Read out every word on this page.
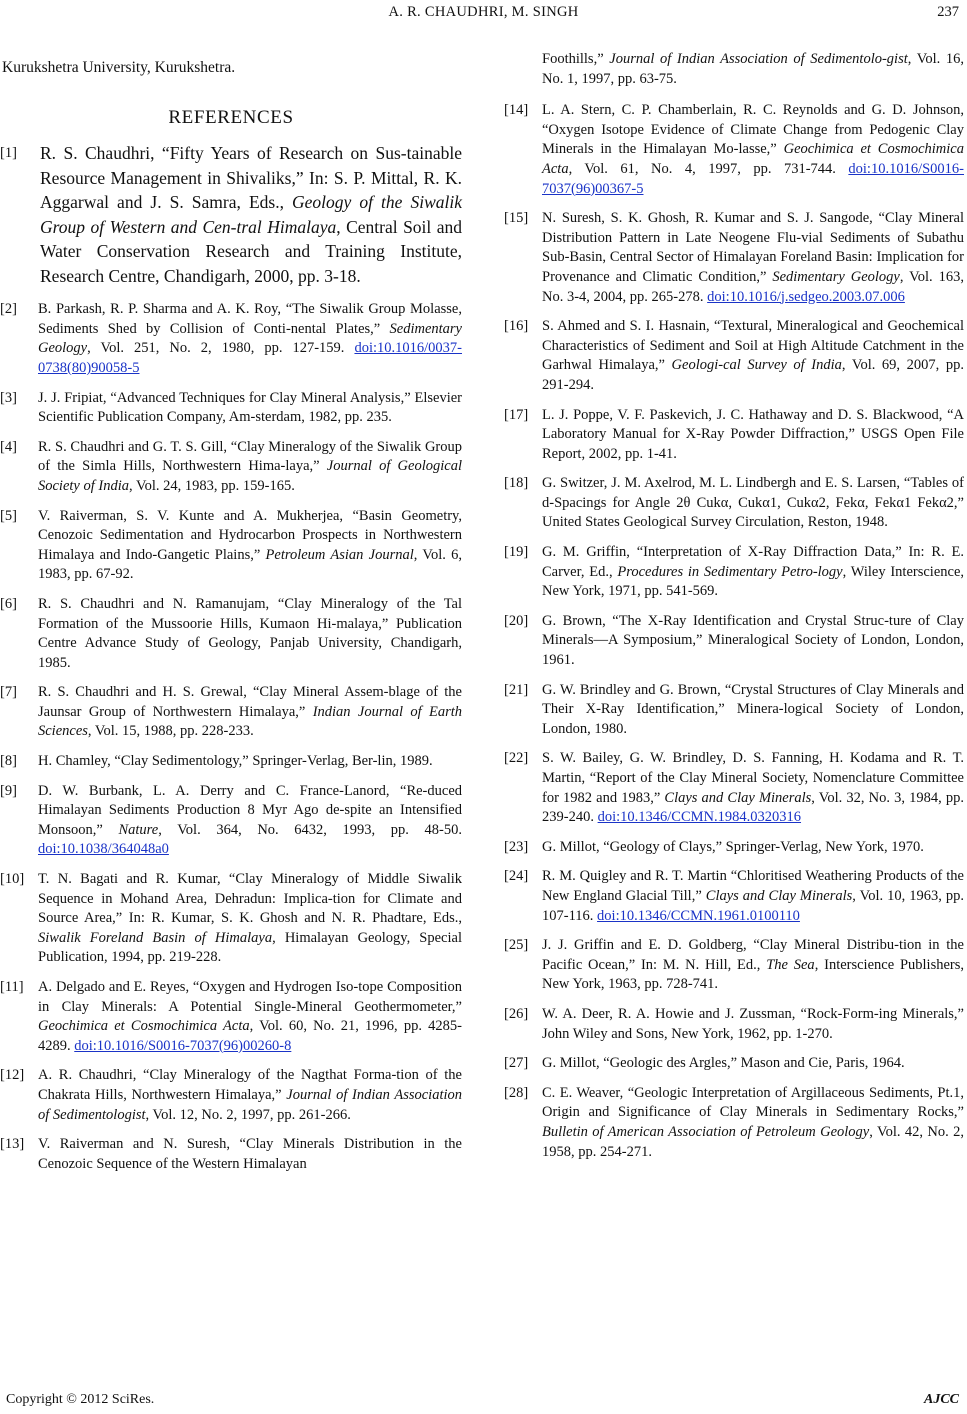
A. R. CHAUDHRI, M. SINGH	237
Kurukshetra University, Kurukshetra.
REFERENCES
[1]	R. S. Chaudhri, “Fifty Years of Research on Sus-tainable Resource Management in Shivaliks,” In: S. P. Mittal, R. K. Aggarwal and J. S. Samra, Eds., Geology of the Siwalik Group of Western and Cen-tral Himalaya, Central Soil and Water Conservation Research and Training Institute, Research Centre, Chandigarh, 2000, pp. 3-18.
[2]	B. Parkash, R. P. Sharma and A. K. Roy, “The Siwalik Group Molasse, Sediments Shed by Collision of Conti-nental Plates,” Sedimentary Geology, Vol. 251, No. 2, 1980, pp. 127-159. doi:10.1016/0037-0738(80)90058-5
[3]	J. J. Fripiat, “Advanced Techniques for Clay Mineral Analysis,” Elsevier Scientific Publication Company, Am-sterdam, 1982, pp. 235.
[4]	R. S. Chaudhri and G. T. S. Gill, “Clay Mineralogy of the Siwalik Group of the Simla Hills, Northwestern Hima-laya,” Journal of Geological Society of India, Vol. 24, 1983, pp. 159-165.
[5]	V. Raiverman, S. V. Kunte and A. Mukherjea, “Basin Geometry, Cenozoic Sedimentation and Hydrocarbon Prospects in Northwestern Himalaya and Indo-Gangetic Plains,” Petroleum Asian Journal, Vol. 6, 1983, pp. 67-92.
[6]	R. S. Chaudhri and N. Ramanujam, “Clay Mineralogy of the Tal Formation of the Mussoorie Hills, Kumaon Hi-malaya,” Publication Centre Advance Study of Geology, Panjab University, Chandigarh, 1985.
[7]	R. S. Chaudhri and H. S. Grewal, “Clay Mineral Assem-blage of the Jaunsar Group of Northwestern Himalaya,” Indian Journal of Earth Sciences, Vol. 15, 1988, pp. 228-233.
[8]	H. Chamley, “Clay Sedimentology,” Springer-Verlag, Ber-lin, 1989.
[9]	D. W. Burbank, L. A. Derry and C. France-Lanord, “Re-duced Himalayan Sediments Production 8 Myr Ago de-spite an Intensified Monsoon,” Nature, Vol. 364, No. 6432, 1993, pp. 48-50. doi:10.1038/364048a0
[10] T. N. Bagati and R. Kumar, “Clay Mineralogy of Middle Siwalik Sequence in Mohand Area, Dehradun: Implica-tion for Climate and Source Area,” In: R. Kumar, S. K. Ghosh and N. R. Phadtare, Eds., Siwalik Foreland Basin of Himalaya, Himalayan Geology, Special Publication, 1994, pp. 219-228.
[11] A. Delgado and E. Reyes, “Oxygen and Hydrogen Iso-tope Composition in Clay Minerals: A Potential Single-Mineral Geothermometer,” Geochimica et Cosmochimica Acta, Vol. 60, No. 21, 1996, pp. 4285-4289. doi:10.1016/S0016-7037(96)00260-8
[12] A. R. Chaudhri, “Clay Mineralogy of the Nagthat Forma-tion of the Chakrata Hills, Northwestern Himalaya,” Journal of Indian Association of Sedimentologist, Vol. 12, No. 2, 1997, pp. 261-266.
[13] V. Raiverman and N. Suresh, “Clay Minerals Distribution in the Cenozoic Sequence of the Western Himalayan
Foothills,” Journal of Indian Association of Sedimentolo-gist, Vol. 16, No. 1, 1997, pp. 63-75.
[14] L. A. Stern, C. P. Chamberlain, R. C. Reynolds and G. D. Johnson, “Oxygen Isotope Evidence of Climate Change from Pedogenic Clay Minerals in the Himalayan Mo-lasse,” Geochimica et Cosmochimica Acta, Vol. 61, No. 4, 1997, pp. 731-744. doi:10.1016/S0016-7037(96)00367-5
[15] N. Suresh, S. K. Ghosh, R. Kumar and S. J. Sangode, “Clay Mineral Distribution Pattern in Late Neogene Flu-vial Sediments of Subathu Sub-Basin, Central Sector of Himalayan Foreland Basin: Implication for Provenance and Climatic Condition,” Sedimentary Geology, Vol. 163, No. 3-4, 2004, pp. 265-278. doi:10.1016/j.sedgeo.2003.07.006
[16] S. Ahmed and S. I. Hasnain, “Textural, Mineralogical and Geochemical Characteristics of Sediment and Soil at High Altitude Catchment in the Garhwal Himalaya,” Geologi-cal Survey of India, Vol. 69, 2007, pp. 291-294.
[17] L. J. Poppe, V. F. Paskevich, J. C. Hathaway and D. S. Blackwood, “A Laboratory Manual for X-Ray Powder Diffraction,” USGS Open File Report, 2002, pp. 1-41.
[18] G. Switzer, J. M. Axelrod, M. L. Lindbergh and E. S. Larsen, “Tables of d-Spacings for Angle 2θ Cukα, Cukα1, Cukα2, Fekα, Fekα1 Fekα2,” United States Geological Survey Circulation, Reston, 1948.
[19] G. M. Griffin, “Interpretation of X-Ray Diffraction Data,” In: R. E. Carver, Ed., Procedures in Sedimentary Petro-logy, Wiley Interscience, New York, 1971, pp. 541-569.
[20] G. Brown, “The X-Ray Identification and Crystal Struc-ture of Clay Minerals—A Symposium,” Mineralogical Society of London, London, 1961.
[21] G. W. Brindley and G. Brown, “Crystal Structures of Clay Minerals and Their X-Ray Identification,” Minera-logical Society of London, London, 1980.
[22] S. W. Bailey, G. W. Brindley, D. S. Fanning, H. Kodama and R. T. Martin, “Report of the Clay Mineral Society, Nomenclature Committee for 1982 and 1983,” Clays and Clay Minerals, Vol. 32, No. 3, 1984, pp. 239-240. doi:10.1346/CCMN.1984.0320316
[23] G. Millot, “Geology of Clays,” Springer-Verlag, New York, 1970.
[24] R. M. Quigley and R. T. Martin “Chloritised Weathering Products of the New England Glacial Till,” Clays and Clay Minerals, Vol. 10, 1963, pp. 107-116. doi:10.1346/CCMN.1961.0100110
[25] J. J. Griffin and E. D. Goldberg, “Clay Mineral Distribu-tion in the Pacific Ocean,” In: M. N. Hill, Ed., The Sea, Interscience Publishers, New York, 1963, pp. 728-741.
[26] W. A. Deer, R. A. Howie and J. Zussman, “Rock-Form-ing Minerals,” John Wiley and Sons, New York, 1962, pp. 1-270.
[27] G. Millot, “Geologic des Argles,” Mason and Cie, Paris, 1964.
[28] C. E. Weaver, “Geologic Interpretation of Argillaceous Sediments, Pt.1, Origin and Significance of Clay Minerals in Sedimentary Rocks,” Bulletin of American Association of Petroleum Geology, Vol. 42, No. 2, 1958, pp. 254-271.
Copyright © 2012 SciRes.	AJCC
